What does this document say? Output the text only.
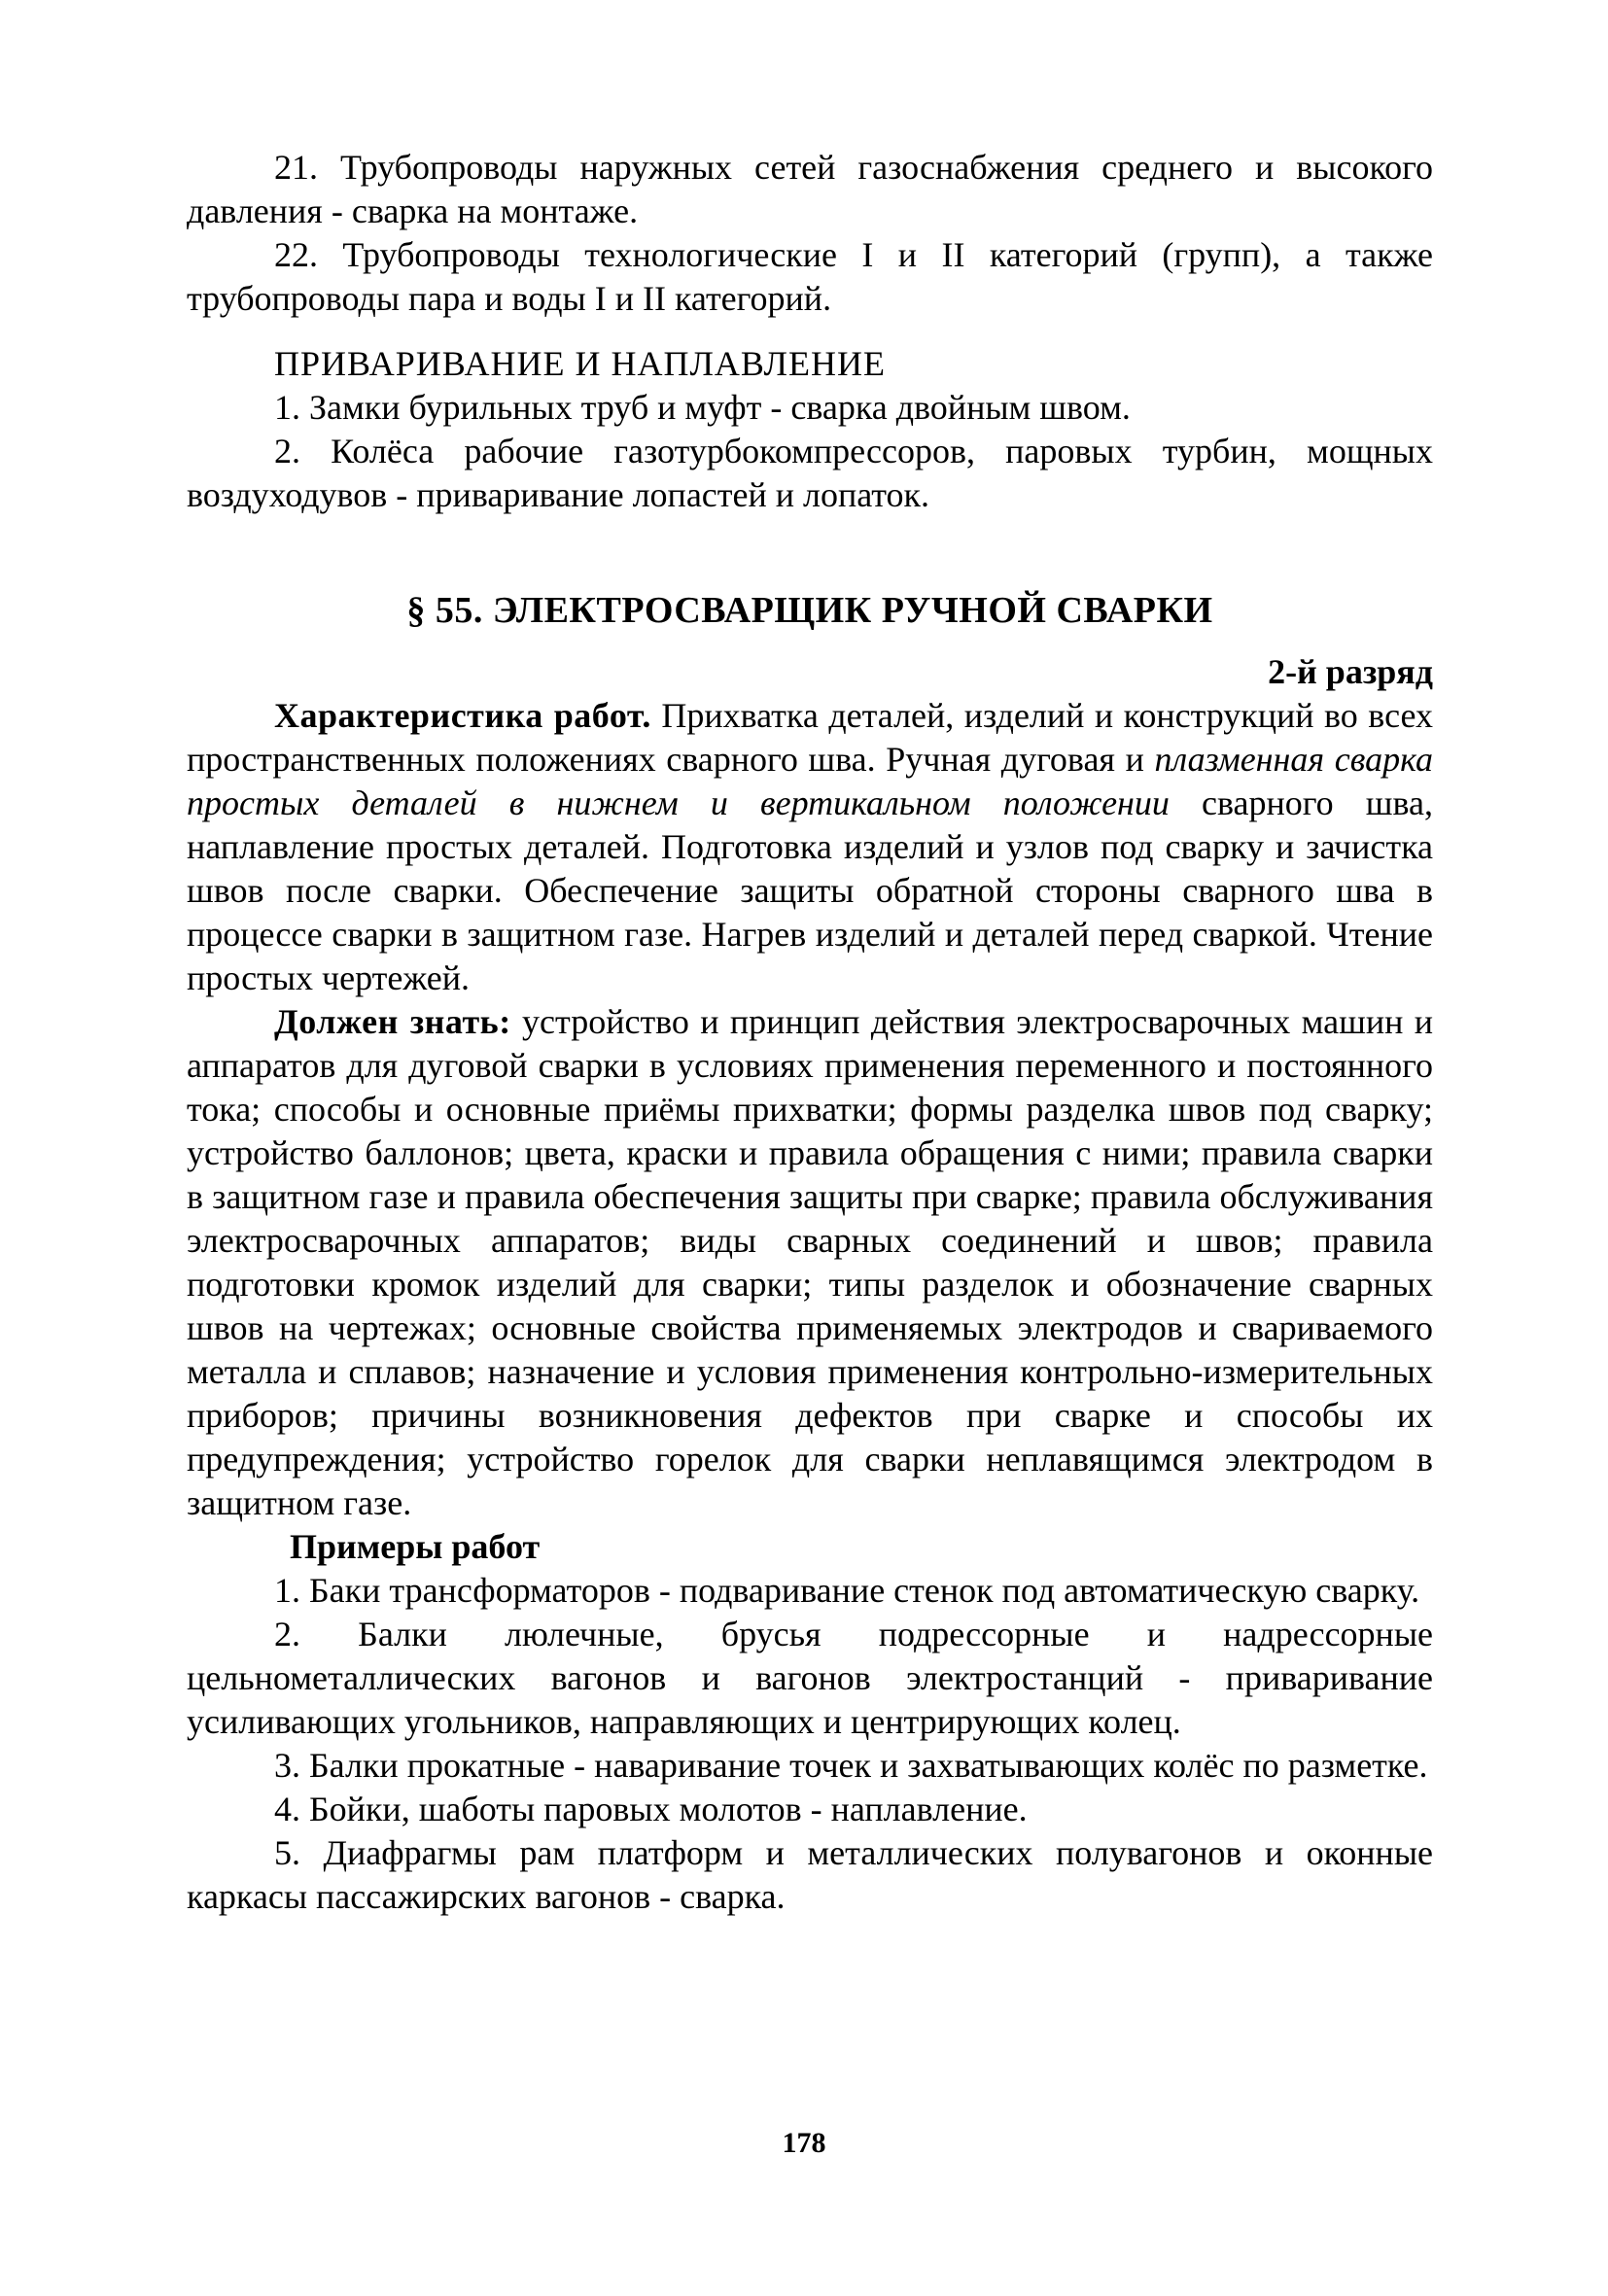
21. Трубопроводы наружных сетей газоснабжения среднего и высокого давления - сварка на монтаже.

22. Трубопроводы технологические I и II категорий (групп), а также трубопроводы пара и воды I и II категорий.

ПРИВАРИВАНИЕ И НАПЛАВЛЕНИЕ

1. Замки бурильных труб и муфт - сварка двойным швом.

2. Колёса рабочие газотурбокомпрессоров, паровых турбин, мощных воздуходувов - приваривание лопастей и лопаток.

§ 55. ЭЛЕКТРОСВАРЩИК РУЧНОЙ СВАРКИ

2-й разряд

Характеристика работ. Прихватка деталей, изделий и конструкций во всех пространственных положениях сварного шва. Ручная дуговая и плазменная сварка простых деталей в нижнем и вертикальном положении сварного шва, наплавление простых деталей. Подготовка изделий и узлов под сварку и зачистка швов после сварки. Обеспечение защиты обратной стороны сварного шва в процессе сварки в защитном газе. Нагрев изделий и деталей перед сваркой. Чтение простых чертежей.

Должен знать: устройство и принцип действия электросварочных машин и аппаратов для дуговой сварки в условиях применения переменного и постоянного тока; способы и основные приёмы прихватки; формы разделка швов под сварку; устройство баллонов; цвета, краски и правила обращения с ними; правила сварки в защитном газе и правила обеспечения защиты при сварке; правила обслуживания электросварочных аппаратов; виды сварных соединений и швов; правила подготовки кромок изделий для сварки; типы разделок и обозначение сварных швов на чертежах; основные свойства применяемых электродов и свариваемого металла и сплавов; назначение и условия применения контрольно-измерительных приборов; причины возникновения дефектов при сварке и способы их предупреждения; устройство горелок для сварки неплавящимся электродом в защитном газе.

Примеры работ

1. Баки трансформаторов - подваривание стенок под автоматическую сварку.

2. Балки люлечные, брусья подрессорные и надрессорные цельнометаллических вагонов и вагонов электростанций - приваривание усиливающих угольников, направляющих и центрирующих колец.

3. Балки прокатные - наваривание точек и захватывающих колёс по разметке.

4. Бойки, шаботы паровых молотов - наплавление.

5. Диафрагмы рам платформ и металлических полувагонов и оконные каркасы пассажирских вагонов - сварка.

178
